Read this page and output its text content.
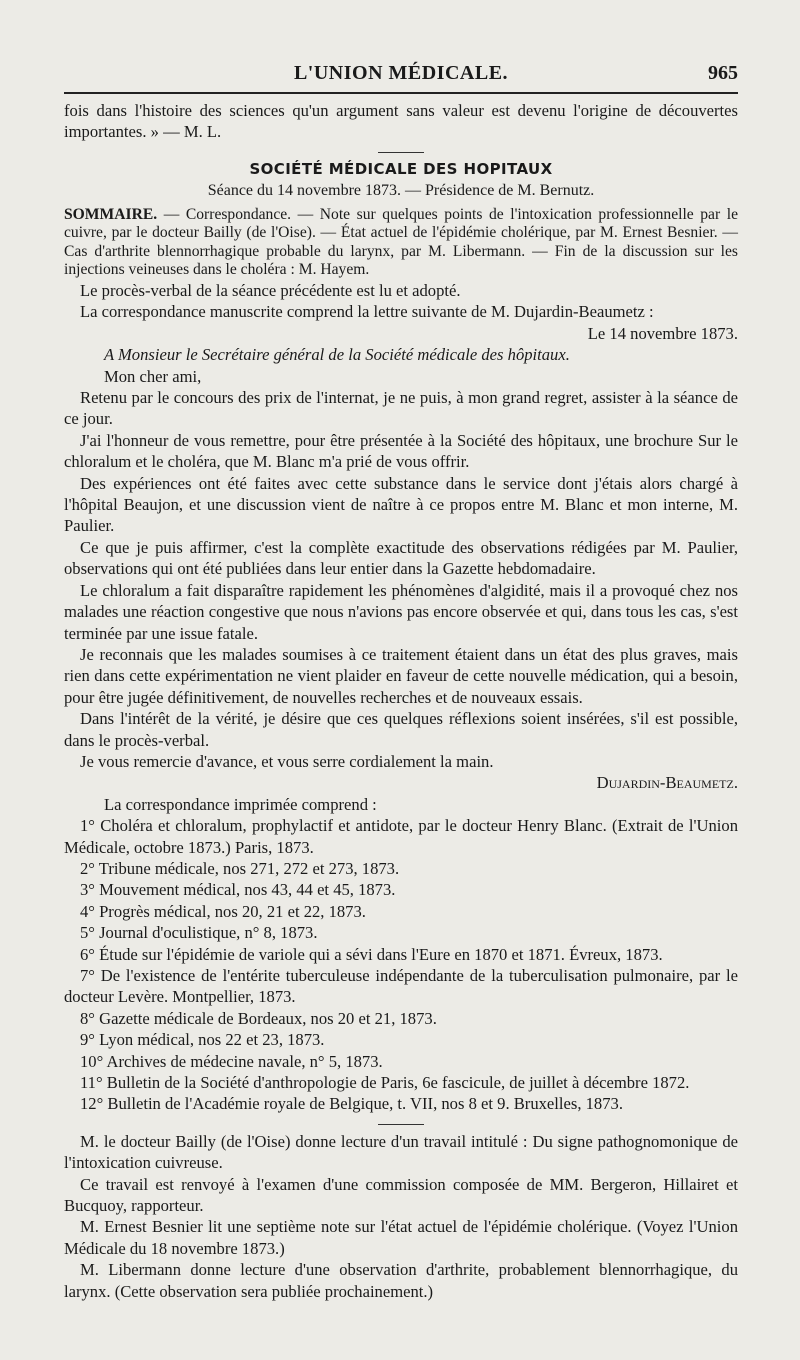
L'UNION MÉDICALE.	965

fois dans l'histoire des sciences qu'un argument sans valeur est devenu l'origine de découvertes importantes. » — M. L.

SOCIÉTÉ MÉDICALE DES HOPITAUX

Séance du 14 novembre 1873. — Présidence de M. Bernutz.

SOMMAIRE. — Correspondance. — Note sur quelques points de l'intoxication professionnelle par le cuivre, par le docteur Bailly (de l'Oise). — État actuel de l'épidémie cholérique, par M. Ernest Besnier. — Cas d'arthrite blennorrhagique probable du larynx, par M. Libermann. — Fin de la discussion sur les injections veineuses dans le choléra : M. Hayem.

Le procès-verbal de la séance précédente est lu et adopté.

La correspondance manuscrite comprend la lettre suivante de M. Dujardin-Beaumetz :

Le 14 novembre 1873.

A Monsieur le Secrétaire général de la Société médicale des hôpitaux.

Mon cher ami,

Retenu par le concours des prix de l'internat, je ne puis, à mon grand regret, assister à la séance de ce jour.

J'ai l'honneur de vous remettre, pour être présentée à la Société des hôpitaux, une brochure Sur le chloralum et le choléra, que M. Blanc m'a prié de vous offrir.

Des expériences ont été faites avec cette substance dans le service dont j'étais alors chargé à l'hôpital Beaujon, et une discussion vient de naître à ce propos entre M. Blanc et mon interne, M. Paulier.

Ce que je puis affirmer, c'est la complète exactitude des observations rédigées par M. Paulier, observations qui ont été publiées dans leur entier dans la Gazette hebdomadaire.

Le chloralum a fait disparaître rapidement les phénomènes d'algidité, mais il a provoqué chez nos malades une réaction congestive que nous n'avions pas encore observée et qui, dans tous les cas, s'est terminée par une issue fatale.

Je reconnais que les malades soumises à ce traitement étaient dans un état des plus graves, mais rien dans cette expérimentation ne vient plaider en faveur de cette nouvelle médication, qui a besoin, pour être jugée définitivement, de nouvelles recherches et de nouveaux essais.

Dans l'intérêt de la vérité, je désire que ces quelques réflexions soient insérées, s'il est possible, dans le procès-verbal.

Je vous remercie d'avance, et vous serre cordialement la main.

Dujardin-Beaumetz.

La correspondance imprimée comprend :

1° Choléra et chloralum, prophylactif et antidote, par le docteur Henry Blanc. (Extrait de l'Union Médicale, octobre 1873.) Paris, 1873.

2° Tribune médicale, nos 271, 272 et 273, 1873.

3° Mouvement médical, nos 43, 44 et 45, 1873.

4° Progrès médical, nos 20, 21 et 22, 1873.

5° Journal d'oculistique, n° 8, 1873.

6° Étude sur l'épidémie de variole qui a sévi dans l'Eure en 1870 et 1871. Évreux, 1873.

7° De l'existence de l'entérite tuberculeuse indépendante de la tuberculisation pulmonaire, par le docteur Levère. Montpellier, 1873.

8° Gazette médicale de Bordeaux, nos 20 et 21, 1873.

9° Lyon médical, nos 22 et 23, 1873.

10° Archives de médecine navale, n° 5, 1873.

11° Bulletin de la Société d'anthropologie de Paris, 6e fascicule, de juillet à décembre 1872.

12° Bulletin de l'Académie royale de Belgique, t. VII, nos 8 et 9. Bruxelles, 1873.

M. le docteur Bailly (de l'Oise) donne lecture d'un travail intitulé : Du signe pathognomonique de l'intoxication cuivreuse.

Ce travail est renvoyé à l'examen d'une commission composée de MM. Bergeron, Hillairet et Bucquoy, rapporteur.

M. Ernest Besnier lit une septième note sur l'état actuel de l'épidémie cholérique. (Voyez l'Union Médicale du 18 novembre 1873.)

M. Libermann donne lecture d'une observation d'arthrite, probablement blennorrhagique, du larynx. (Cette observation sera publiée prochainement.)
